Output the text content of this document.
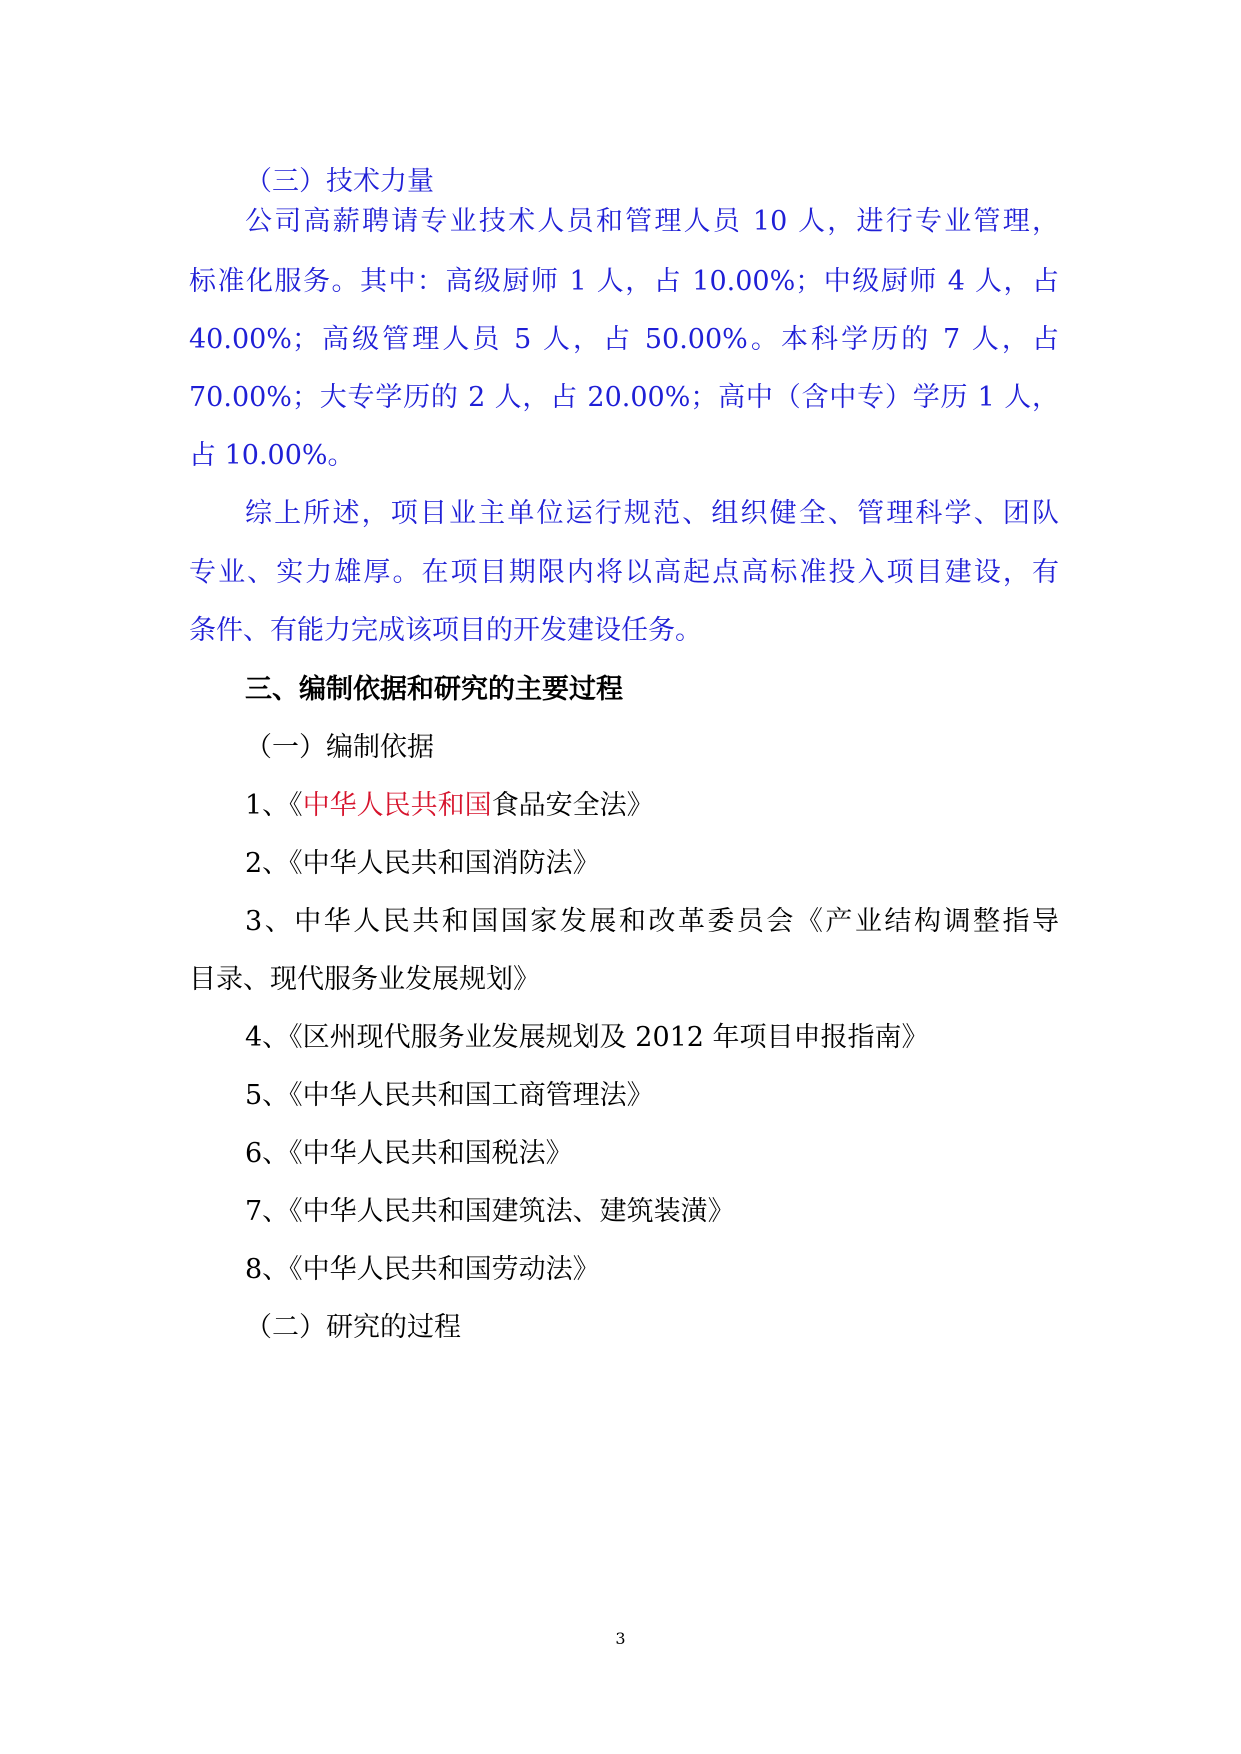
（三）技术力量
公司高薪聘请专业技术人员和管理人员 10 人，进行专业管理，
标准化服务。其中：高级厨师 1 人，占 10.00%；中级厨师 4 人，占
40.00%；高级管理人员 5 人，占 50.00%。本科学历的 7 人，占
70.00%；大专学历的 2 人，占 20.00%；高中（含中专）学历 1 人，
占 10.00%。
综上所述，项目业主单位运行规范、组织健全、管理科学、团队
专业、实力雄厚。在项目期限内将以高起点高标准投入项目建设，有
条件、有能力完成该项目的开发建设任务。
三、编制依据和研究的主要过程
（一）编制依据
1、《中华人民共和国食品安全法》
2、《中华人民共和国消防法》
3、中华人民共和国国家发展和改革委员会《产业结构调整指导
目录、现代服务业发展规划》
4、《区州现代服务业发展规划及 2012 年项目申报指南》
5、《中华人民共和国工商管理法》
6、《中华人民共和国税法》
7、《中华人民共和国建筑法、建筑装潢》
8、《中华人民共和国劳动法》
（二）研究的过程
3
